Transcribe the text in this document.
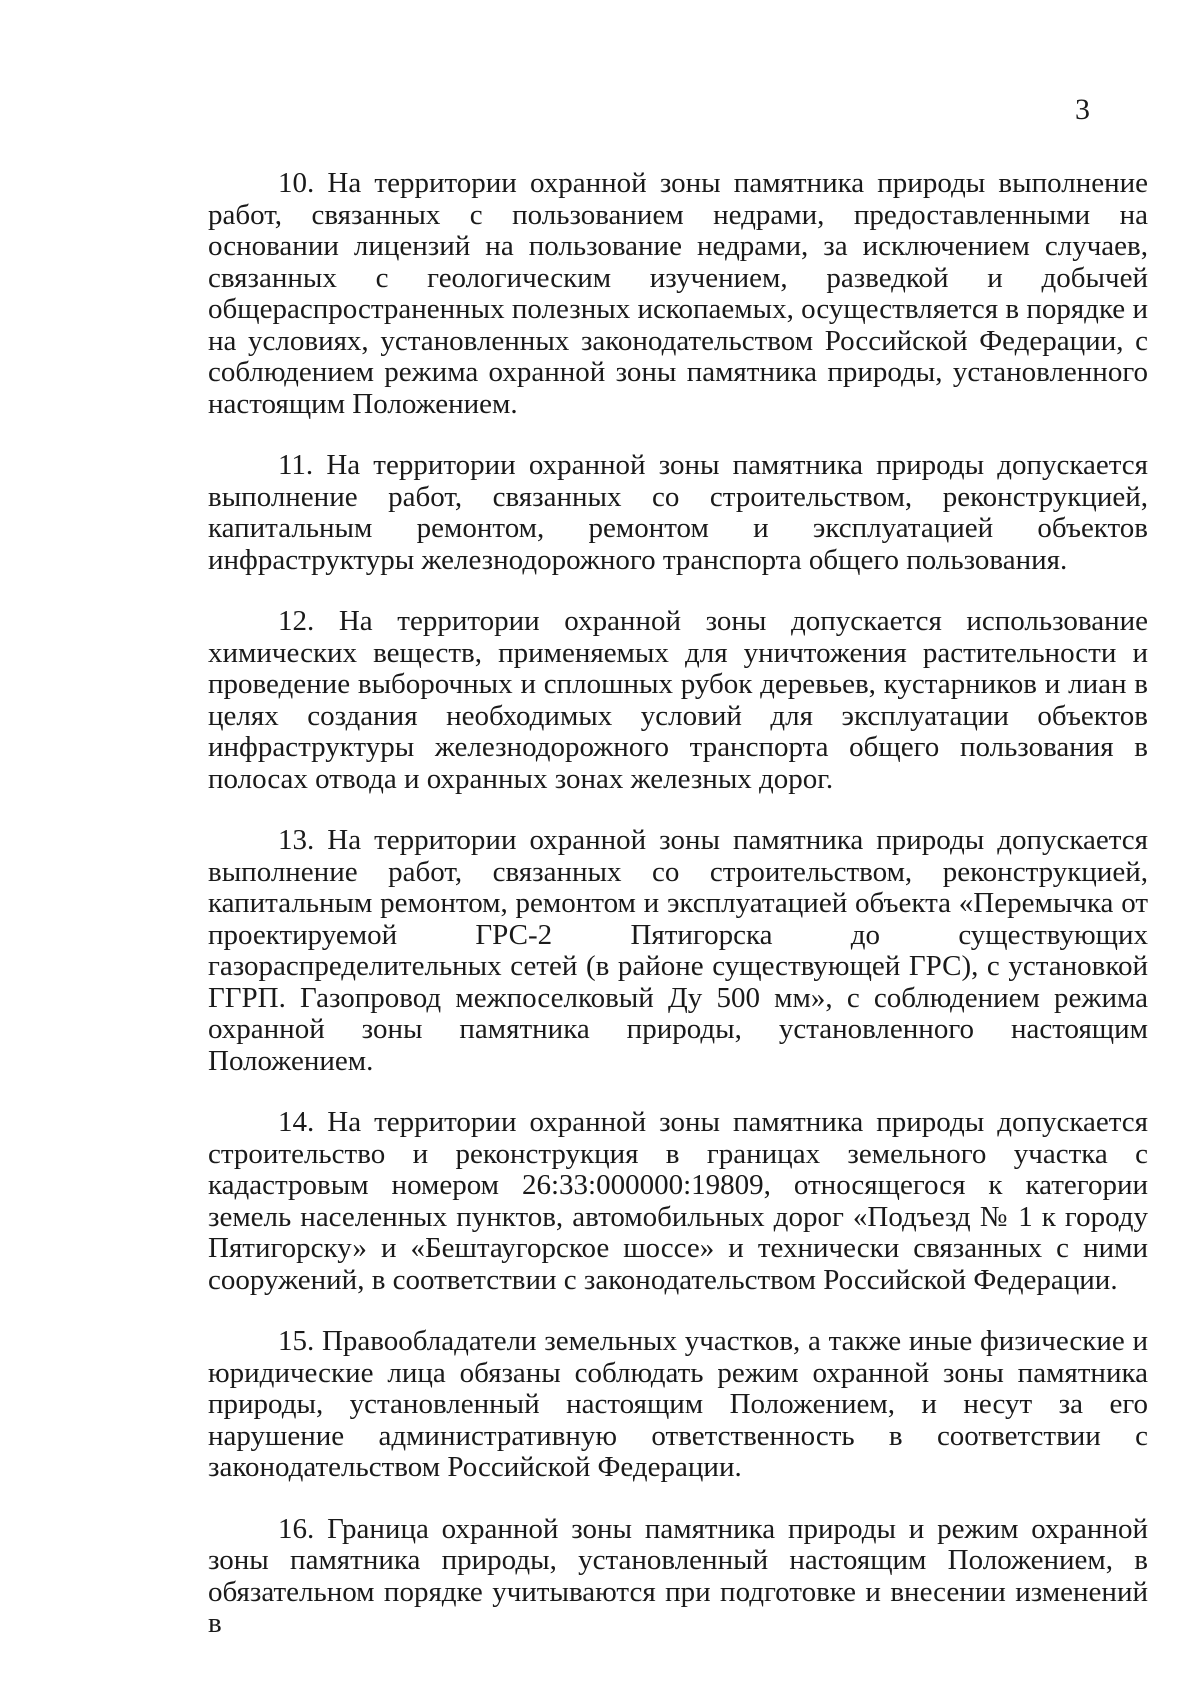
3

10. На территории охранной зоны памятника природы выполнение работ, связанных с пользованием недрами, предоставленными на основании лицензий на пользование недрами, за исключением случаев, связанных с геологическим изучением, разведкой и добычей общераспространенных полезных ископаемых, осуществляется в порядке и на условиях, установленных законодательством Российской Федерации, с соблюдением режима охранной зоны памятника природы, установленного настоящим Положением.

11. На территории охранной зоны памятника природы допускается выполнение работ, связанных со строительством, реконструкцией, капитальным ремонтом, ремонтом и эксплуатацией объектов инфраструктуры железнодорожного транспорта общего пользования.

12. На территории охранной зоны допускается использование химических веществ, применяемых для уничтожения растительности и проведение выборочных и сплошных рубок деревьев, кустарников и лиан в целях создания необходимых условий для эксплуатации объектов инфраструктуры железнодорожного транспорта общего пользования в полосах отвода и охранных зонах железных дорог.

13. На территории охранной зоны памятника природы допускается выполнение работ, связанных со строительством, реконструкцией, капитальным ремонтом, ремонтом и эксплуатацией объекта «Перемычка от проектируемой ГРС-2 Пятигорска до существующих газораспределительных сетей (в районе существующей ГРС), с установкой ГГРП. Газопровод межпоселковый Ду 500 мм», с соблюдением режима охранной зоны памятника природы, установленного настоящим Положением.

14. На территории охранной зоны памятника природы допускается строительство и реконструкция в границах земельного участка с кадастровым номером 26:33:000000:19809, относящегося к категории земель населенных пунктов, автомобильных дорог «Подъезд № 1 к городу Пятигорску» и «Бештаугорское шоссе» и технически связанных с ними сооружений, в соответствии с законодательством Российской Федерации.

15. Правообладатели земельных участков, а также иные физические и юридические лица обязаны соблюдать режим охранной зоны памятника природы, установленный настоящим Положением, и несут за его нарушение административную ответственность в соответствии с законодательством Российской Федерации.

16. Граница охранной зоны памятника природы и режим охранной зоны памятника природы, установленный настоящим Положением, в обязательном порядке учитываются при подготовке и внесении изменений в
